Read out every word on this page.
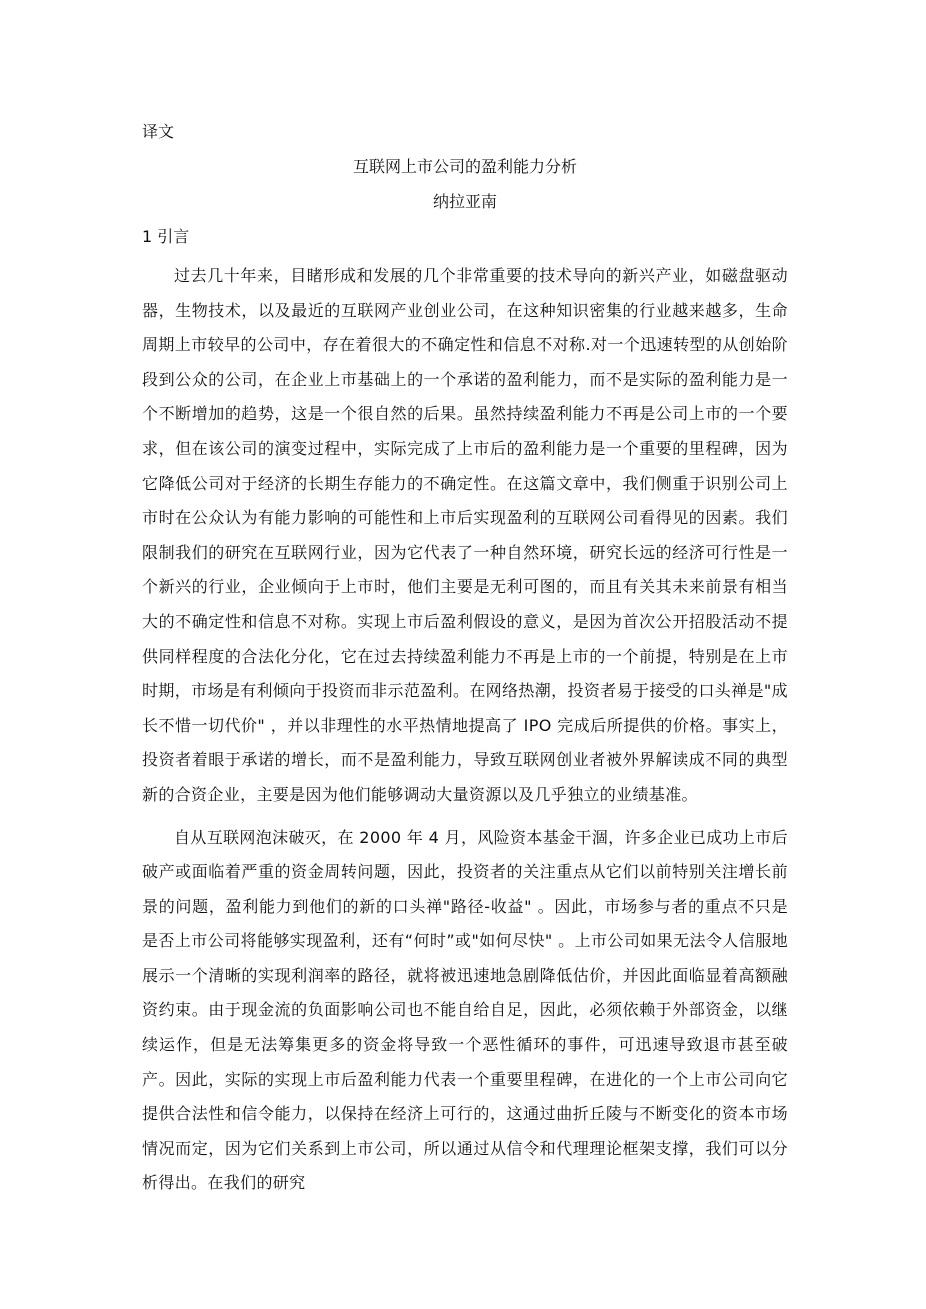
译文

互联网上市公司的盈利能力分析

纳拉亚南

1 引言

过去几十年来，目睹形成和发展的几个非常重要的技术导向的新兴产业，如磁盘驱动器，生物技术，以及最近的互联网产业创业公司，在这种知识密集的行业越来越多，生命周期上市较早的公司中，存在着很大的不确定性和信息不对称.对一个迅速转型的从创始阶段到公众的公司，在企业上市基础上的一个承诺的盈利能力，而不是实际的盈利能力是一个不断增加的趋势，这是一个很自然的后果。虽然持续盈利能力不再是公司上市的一个要求，但在该公司的演变过程中，实际完成了上市后的盈利能力是一个重要的里程碑，因为它降低公司对于经济的长期生存能力的不确定性。在这篇文章中，我们侧重于识别公司上市时在公众认为有能力影响的可能性和上市后实现盈利的互联网公司看得见的因素。我们限制我们的研究在互联网行业，因为它代表了一种自然环境，研究长远的经济可行性是一个新兴的行业，企业倾向于上市时，他们主要是无利可图的，而且有关其未来前景有相当大的不确定性和信息不对称。实现上市后盈利假设的意义，是因为首次公开招股活动不提供同样程度的合法化分化，它在过去持续盈利能力不再是上市的一个前提，特别是在上市时期，市场是有利倾向于投资而非示范盈利。在网络热潮，投资者易于接受的口头禅是"成长不惜一切代价" ，并以非理性的水平热情地提高了 IPO 完成后所提供的价格。事实上，投资者着眼于承诺的增长，而不是盈利能力，导致互联网创业者被外界解读成不同的典型新的合资企业，主要是因为他们能够调动大量资源以及几乎独立的业绩基准。

自从互联网泡沫破灭，在 2000 年 4 月，风险资本基金干涸，许多企业已成功上市后破产或面临着严重的资金周转问题，因此，投资者的关注重点从它们以前特别关注增长前景的问题，盈利能力到他们的新的口头禅"路径-收益" 。因此，市场参与者的重点不只是是否上市公司将能够实现盈利，还有“何时”或"如何尽快" 。上市公司如果无法令人信服地展示一个清晰的实现利润率的路径，就将被迅速地急剧降低估价，并因此面临显着高额融资约束。由于现金流的负面影响公司也不能自给自足，因此，必须依赖于外部资金，以继续运作，但是无法筹集更多的资金将导致一个恶性循环的事件，可迅速导致退市甚至破产。因此，实际的实现上市后盈利能力代表一个重要里程碑，在进化的一个上市公司向它提供合法性和信令能力，以保持在经济上可行的，这通过曲折丘陵与不断变化的资本市场情况而定，因为它们关系到上市公司，所以通过从信令和代理理论框架支撑，我们可以分析得出。在我们的研究
